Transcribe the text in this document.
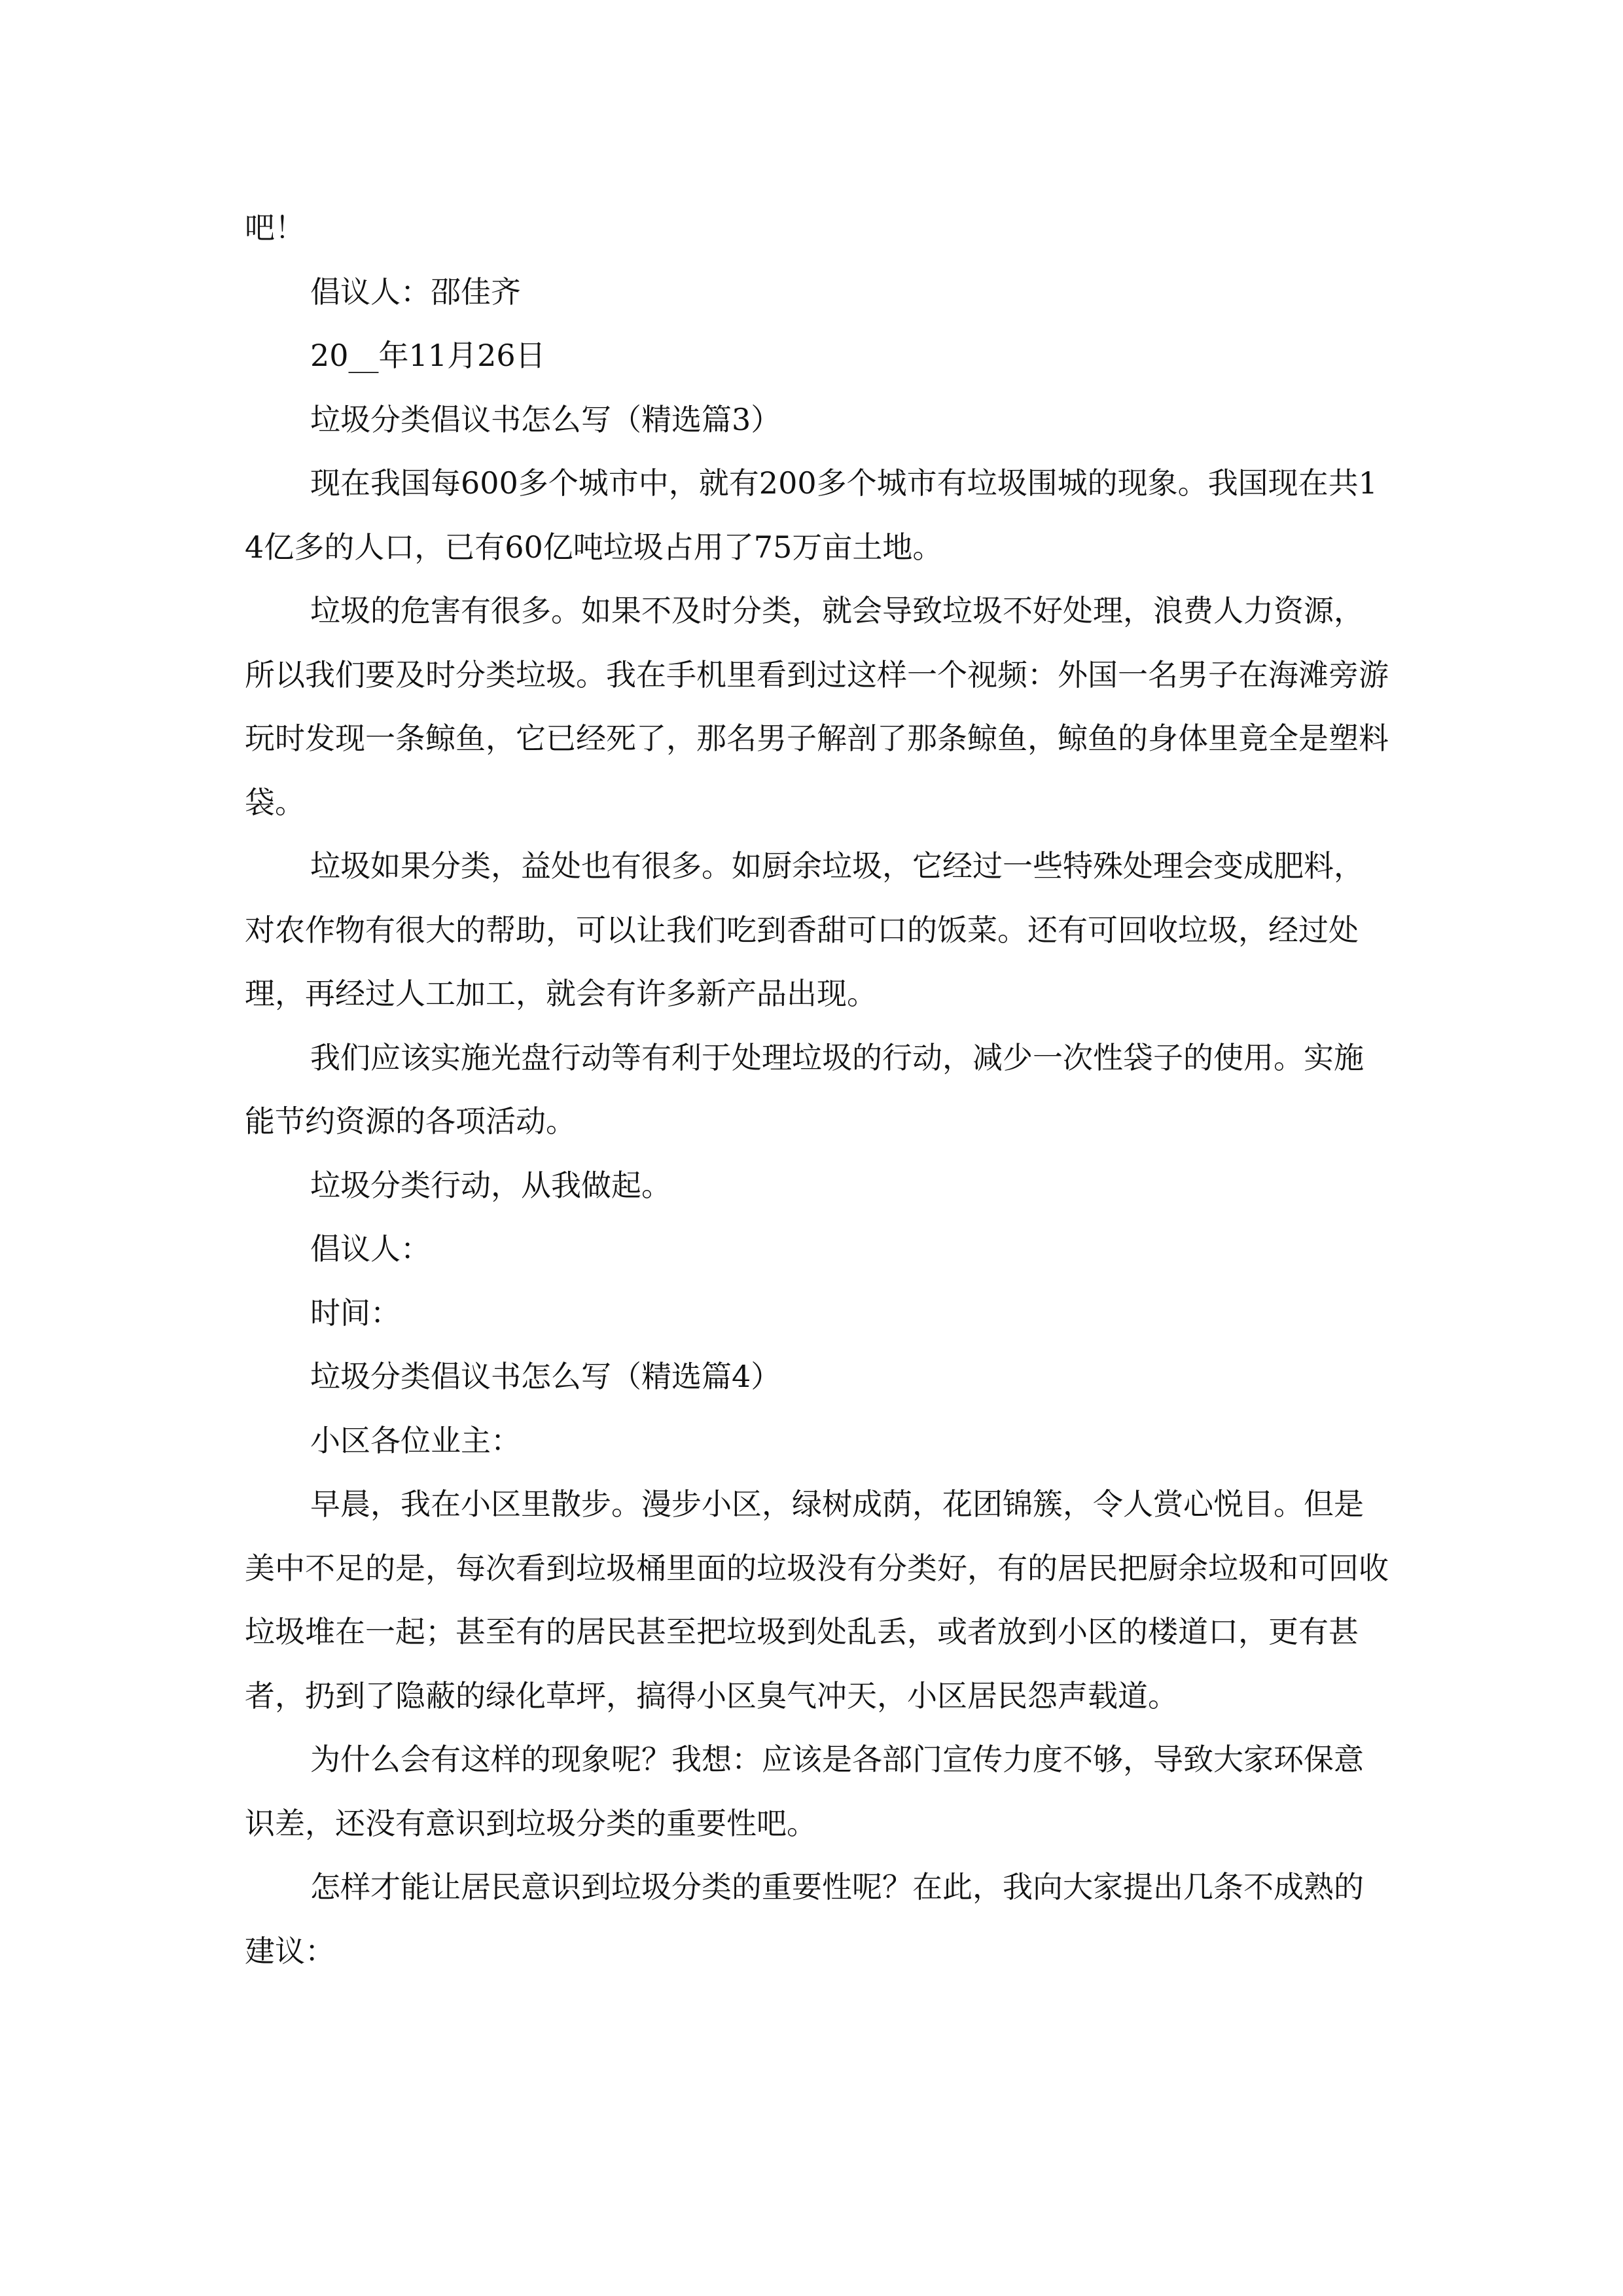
吧！

倡议人：邵佳齐

20__年11月26日

垃圾分类倡议书怎么写（精选篇3）

现在我国每600多个城市中，就有200多个城市有垃圾围城的现象。我国现在共14亿多的人口，已有60亿吨垃圾占用了75万亩土地。

垃圾的危害有很多。如果不及时分类，就会导致垃圾不好处理，浪费人力资源，所以我们要及时分类垃圾。我在手机里看到过这样一个视频：外国一名男子在海滩旁游玩时发现一条鲸鱼，它已经死了，那名男子解剖了那条鲸鱼，鲸鱼的身体里竟全是塑料袋。

垃圾如果分类，益处也有很多。如厨余垃圾，它经过一些特殊处理会变成肥料，对农作物有很大的帮助，可以让我们吃到香甜可口的饭菜。还有可回收垃圾，经过处理，再经过人工加工，就会有许多新产品出现。

我们应该实施光盘行动等有利于处理垃圾的行动，减少一次性袋子的使用。实施能节约资源的各项活动。

垃圾分类行动，从我做起。

倡议人：

时间：

垃圾分类倡议书怎么写（精选篇4）

小区各位业主：

早晨，我在小区里散步。漫步小区，绿树成荫，花团锦簇，令人赏心悦目。但是美中不足的是，每次看到垃圾桶里面的垃圾没有分类好，有的居民把厨余垃圾和可回收垃圾堆在一起；甚至有的居民甚至把垃圾到处乱丢，或者放到小区的楼道口，更有甚者，扔到了隐蔽的绿化草坪，搞得小区臭气冲天，小区居民怨声载道。

为什么会有这样的现象呢？我想：应该是各部门宣传力度不够，导致大家环保意识差，还没有意识到垃圾分类的重要性吧。

怎样才能让居民意识到垃圾分类的重要性呢？在此，我向大家提出几条不成熟的建议：
